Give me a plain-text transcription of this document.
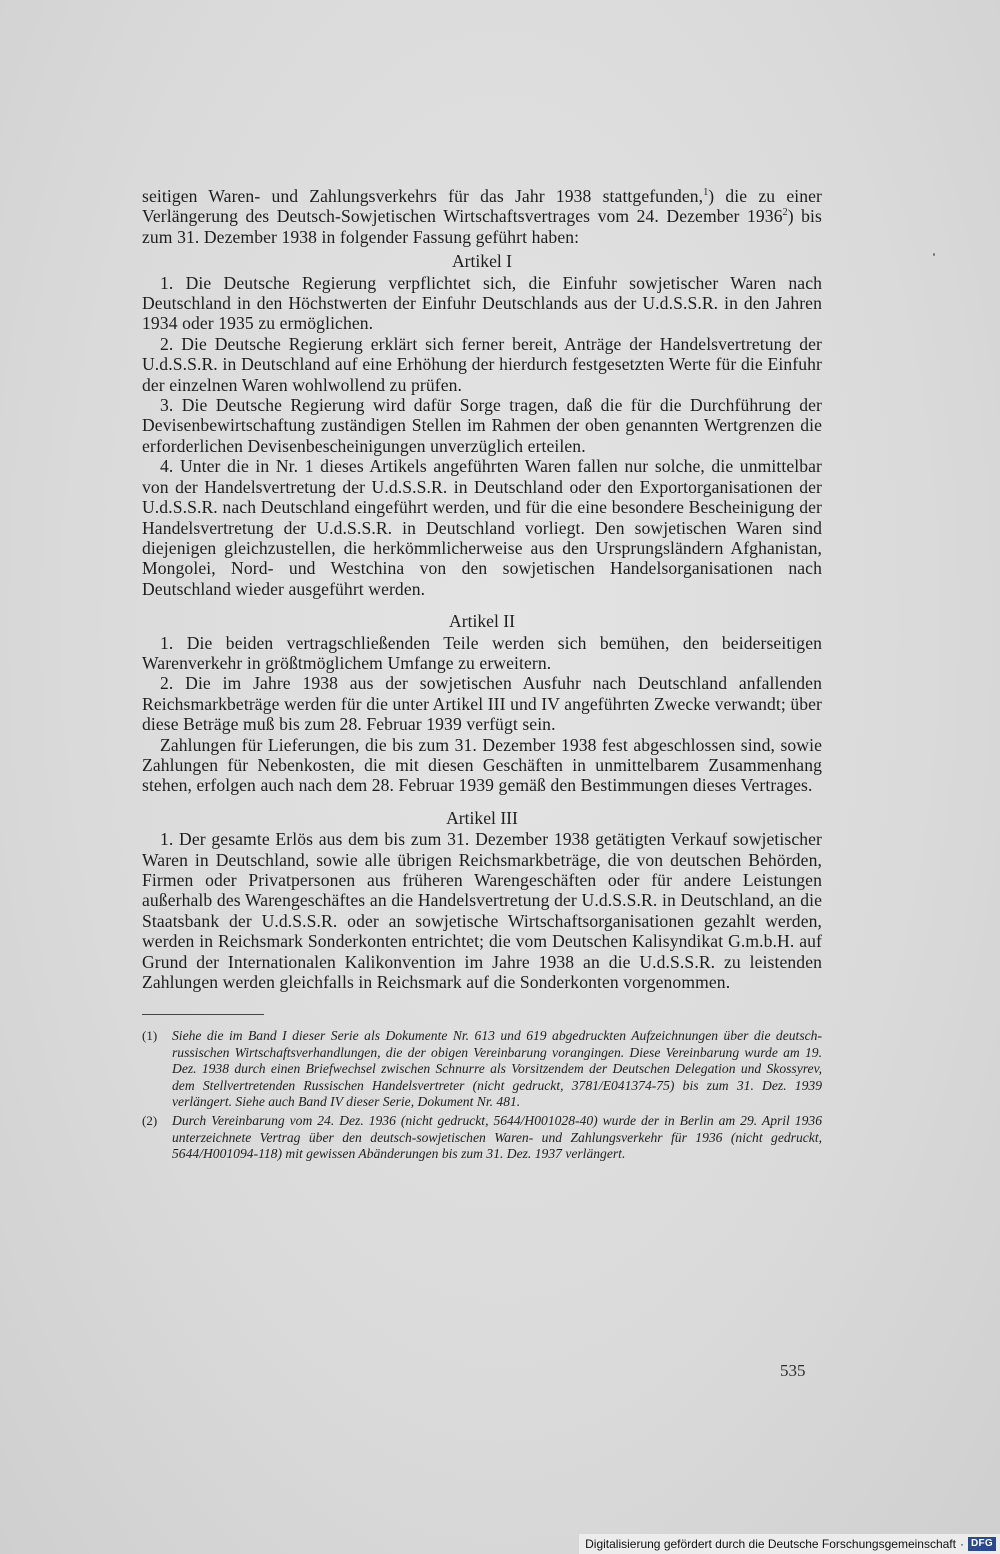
seitigen Waren- und Zahlungsverkehrs für das Jahr 1938 stattgefunden,$^1$) die zu einer Verlängerung des Deutsch-Sowjetischen Wirtschaftsvertrages vom 24. Dezember 1936$^2$) bis zum 31. Dezember 1938 in folgender Fassung geführt haben:

Artikel I

1. Die Deutsche Regierung verpflichtet sich, die Einfuhr sowjetischer Waren nach Deutschland in den Höchstwerten der Einfuhr Deutschlands aus der U.d.S.S.R. in den Jahren 1934 oder 1935 zu ermöglichen.

2. Die Deutsche Regierung erklärt sich ferner bereit, Anträge der Handelsvertretung der U.d.S.S.R. in Deutschland auf eine Erhöhung der hierdurch festgesetzten Werte für die Einfuhr der einzelnen Waren wohlwollend zu prüfen.

3. Die Deutsche Regierung wird dafür Sorge tragen, daß die für die Durchführung der Devisenbewirtschaftung zuständigen Stellen im Rahmen der oben genannten Wertgrenzen die erforderlichen Devisenbescheinigungen unverzüglich erteilen.

4. Unter die in Nr. 1 dieses Artikels angeführten Waren fallen nur solche, die unmittelbar von der Handelsvertretung der U.d.S.S.R. in Deutschland oder den Exportorganisationen der U.d.S.S.R. nach Deutschland eingeführt werden, und für die eine besondere Bescheinigung der Handelsvertretung der U.d.S.S.R. in Deutschland vorliegt. Den sowjetischen Waren sind diejenigen gleichzustellen, die herkömmlicherweise aus den Ursprungsländern Afghanistan, Mongolei, Nord- und Westchina von den sowjetischen Handelsorganisationen nach Deutschland wieder ausgeführt werden.

Artikel II

1. Die beiden vertragschließenden Teile werden sich bemühen, den beiderseitigen Warenverkehr in größtmöglichem Umfange zu erweitern.

2. Die im Jahre 1938 aus der sowjetischen Ausfuhr nach Deutschland anfallenden Reichsmarkbeträge werden für die unter Artikel III und IV angeführten Zwecke verwandt; über diese Beträge muß bis zum 28. Februar 1939 verfügt sein.

Zahlungen für Lieferungen, die bis zum 31. Dezember 1938 fest abgeschlossen sind, sowie Zahlungen für Nebenkosten, die mit diesen Geschäften in unmittelbarem Zusammenhang stehen, erfolgen auch nach dem 28. Februar 1939 gemäß den Bestimmungen dieses Vertrages.

Artikel III

1. Der gesamte Erlös aus dem bis zum 31. Dezember 1938 getätigten Verkauf sowjetischer Waren in Deutschland, sowie alle übrigen Reichsmarkbeträge, die von deutschen Behörden, Firmen oder Privatpersonen aus früheren Warengeschäften oder für andere Leistungen außerhalb des Warengeschäftes an die Handelsvertretung der U.d.S.S.R. in Deutschland, an die Staatsbank der U.d.S.S.R. oder an sowjetische Wirtschaftsorganisationen gezahlt werden, werden in Reichsmark Sonderkonten entrichtet; die vom Deutschen Kalisyndikat G.m.b.H. auf Grund der Internationalen Kalikonvention im Jahre 1938 an die U.d.S.S.R. zu leistenden Zahlungen werden gleichfalls in Reichsmark auf die Sonderkonten vorgenommen.

(1)	Siehe die im Band I dieser Serie als Dokumente Nr. 613 und 619 abgedruckten Aufzeichnungen über die deutsch-russischen Wirtschaftsverhandlungen, die der obigen Vereinbarung vorangingen. Diese Vereinbarung wurde am 19. Dez. 1938 durch einen Briefwechsel zwischen Schnurre als Vorsitzendem der Deutschen Delegation und Skossyrev, dem Stellvertretenden Russischen Handelsvertreter (nicht gedruckt, 3781/E041374-75) bis zum 31. Dez. 1939 verlängert. Siehe auch Band IV dieser Serie, Dokument Nr. 481.
(2)	Durch Vereinbarung vom 24. Dez. 1936 (nicht gedruckt, 5644/H001028-40) wurde der in Berlin am 29. April 1936 unterzeichnete Vertrag über den deutsch-sowjetischen Waren- und Zahlungsverkehr für 1936 (nicht gedruckt, 5644/H001094-118) mit gewissen Abänderungen bis zum 31. Dez. 1937 verlängert.
535
Digitalisierung gefördert durch die Deutsche Forschungsgemeinschaft · DFG
